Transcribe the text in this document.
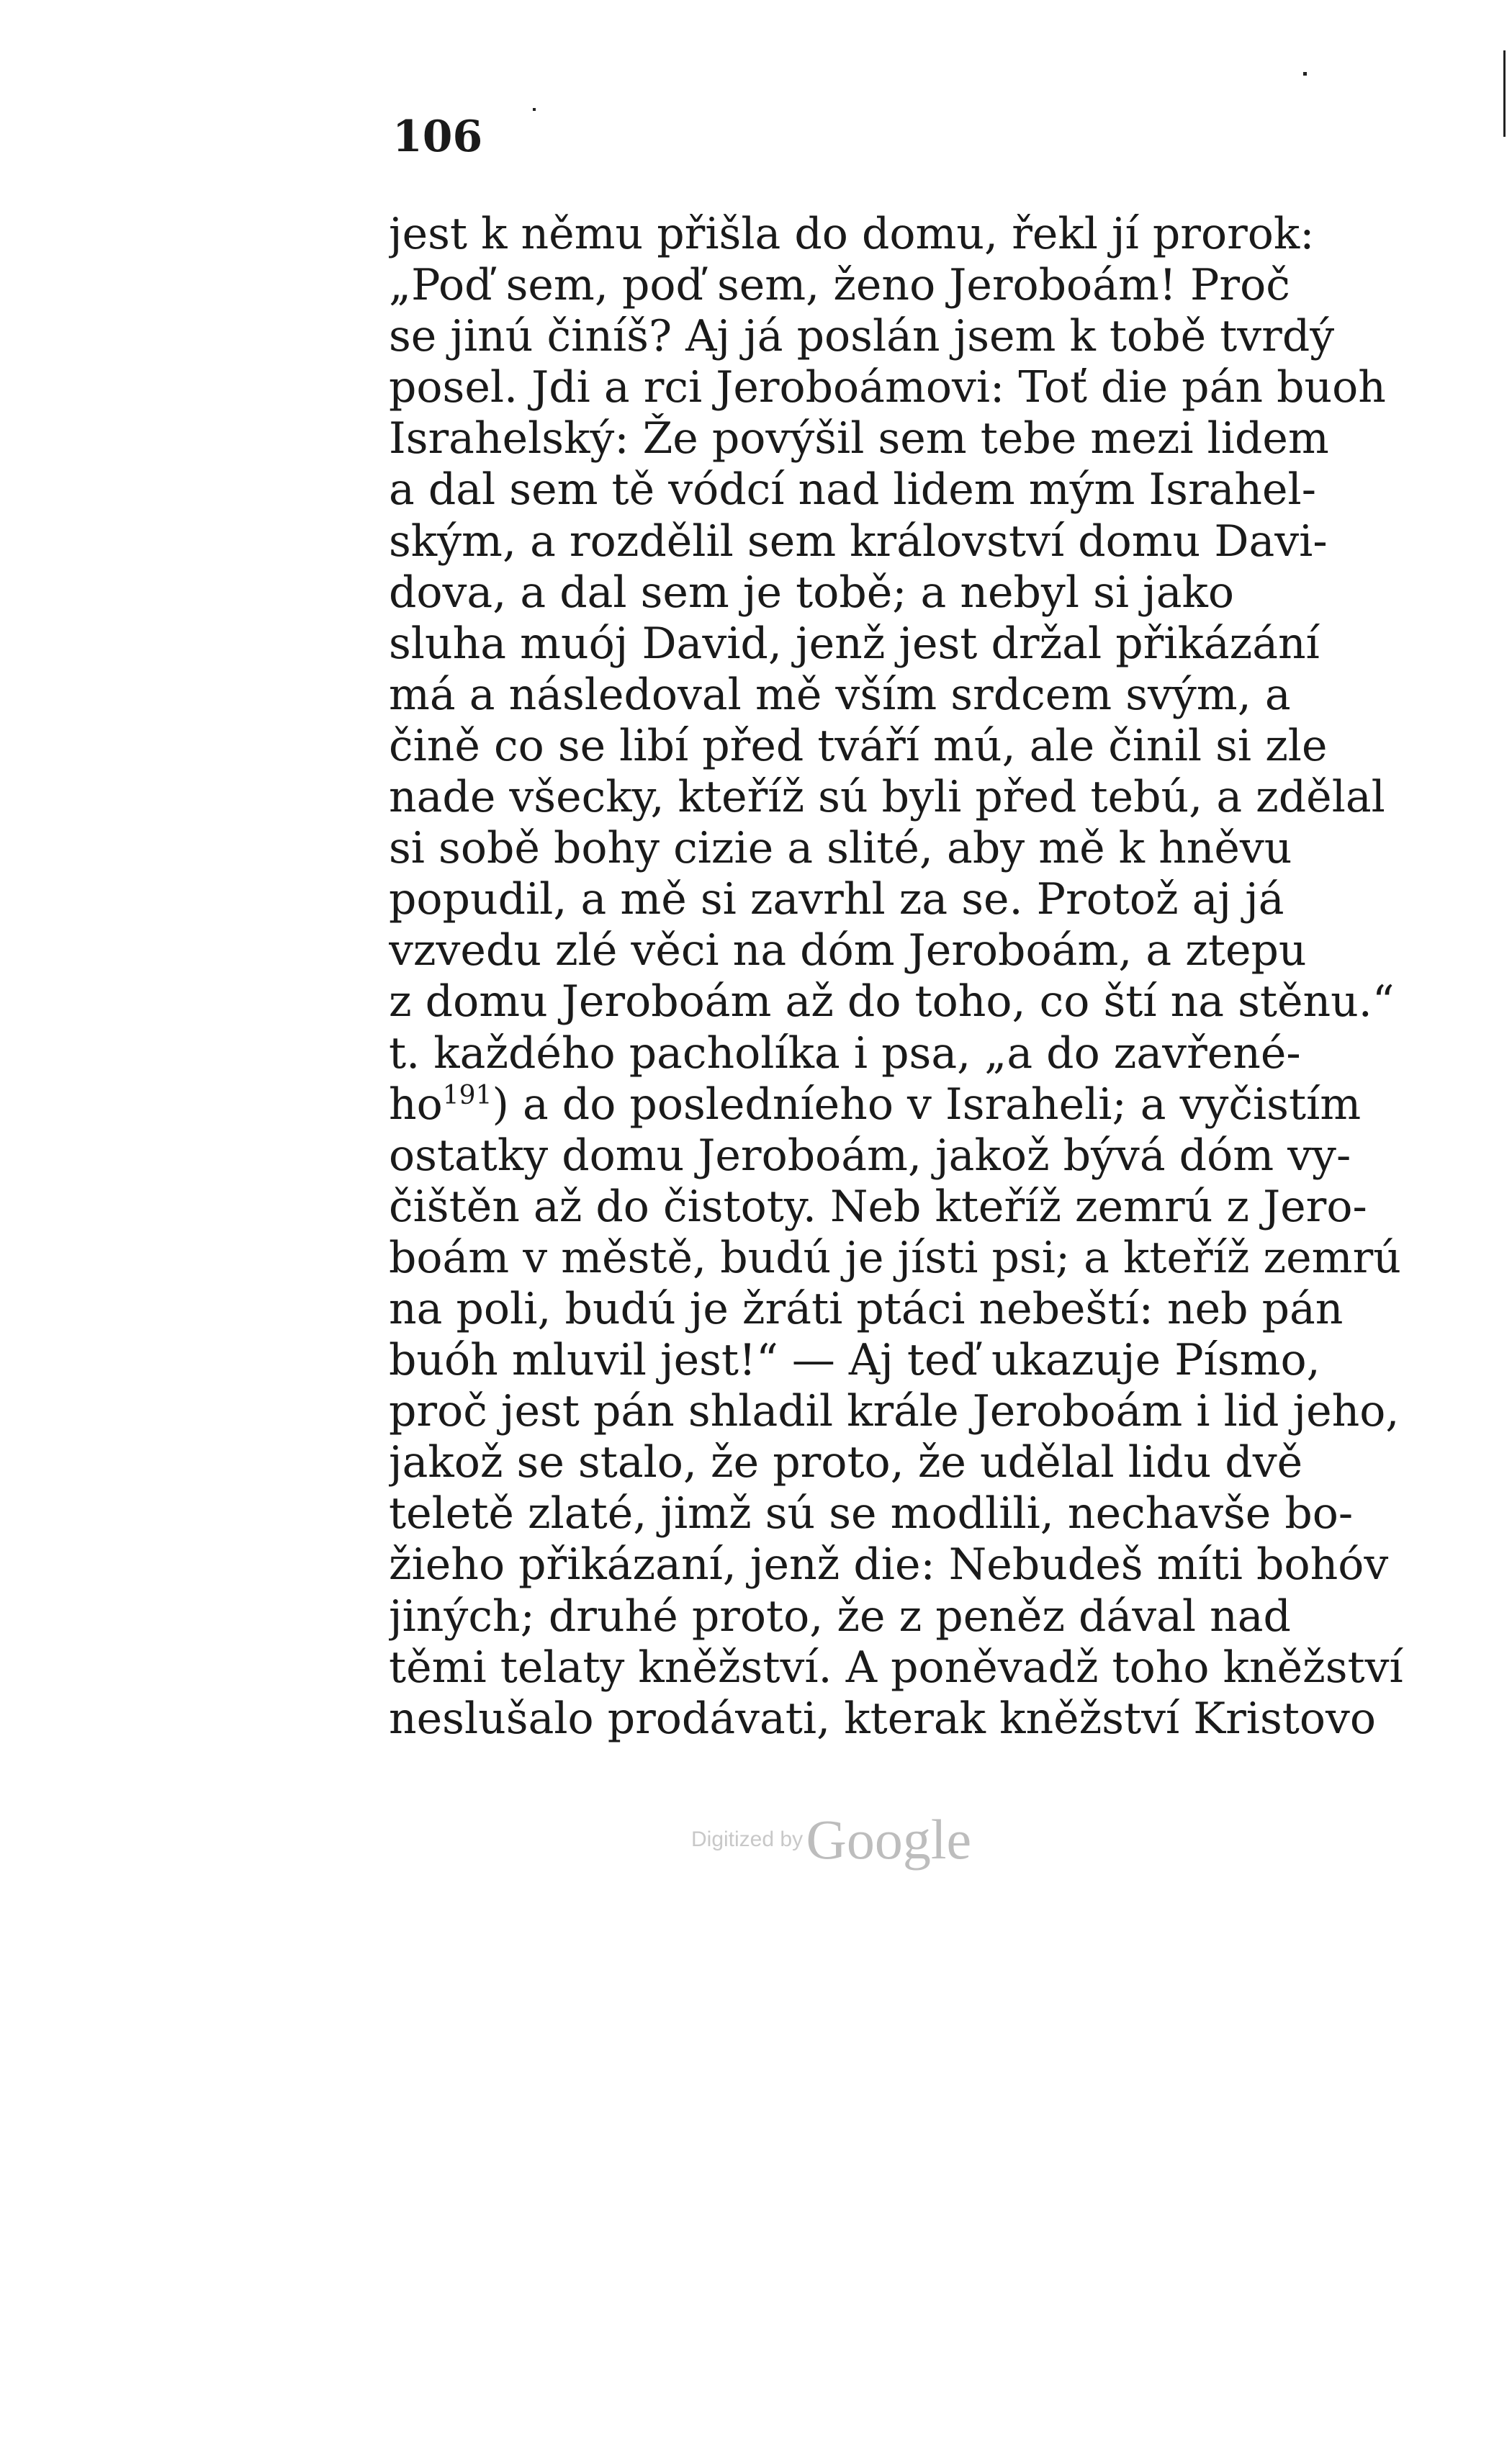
106
jest k němu přišla do domu, řekl jí prorok:
„Poď sem, poď sem, ženo Jeroboám! Proč
se jinú činíš? Aj já poslán jsem k tobě tvrdý
posel. Jdi a rci Jeroboámovi: Toť die pán buoh
Israhelský: Že povýšil sem tebe mezi lidem
a dal sem tě vódcí nad lidem mým Israhel-
ským, a rozdělil sem království domu Davi-
dova, a dal sem je tobě; a nebyl si jako
sluha muój David, jenž jest držal přikázání
má a následoval mě vším srdcem svým, a
čině co se libí před tváří mú, ale činil si zle
nade všecky, kteříž sú byli před tebú, a zdělal
si sobě bohy cizie a slité, aby mě k hněvu
popudil, a mě si zavrhl za se. Protož aj já
vzvedu zlé věci na dóm Jeroboám, a ztepu
z domu Jeroboám až do toho, co ští na stěnu.“
t. každého pacholíka i psa, „a do zavřené-
$ho^{191}$) a do posledníeho v Israheli; a vyčistím
ostatky domu Jeroboám, jakož bývá dóm vy-
čištěn až do čistoty. Neb kteříž zemrú z Jero-
boám v městě, budú je jísti psi; a kteříž zemrú
na poli, budú je žráti ptáci nebeští: neb pán
buóh mluvil jest!“ — Aj teď ukazuje Písmo,
proč jest pán shladil krále Jeroboám i lid jeho,
jakož se stalo, že proto, že udělal lidu dvě
teletě zlaté, jimž sú se modlili, nechavše bo-
žieho přikázaní, jenž die: Nebudeš míti bohóv
jiných; druhé proto, že z peněz dával nad
těmi telaty kněžství. A poněvadž toho kněžství
neslušalo prodávati, kterak kněžství Kristovo
Digitized by Google
